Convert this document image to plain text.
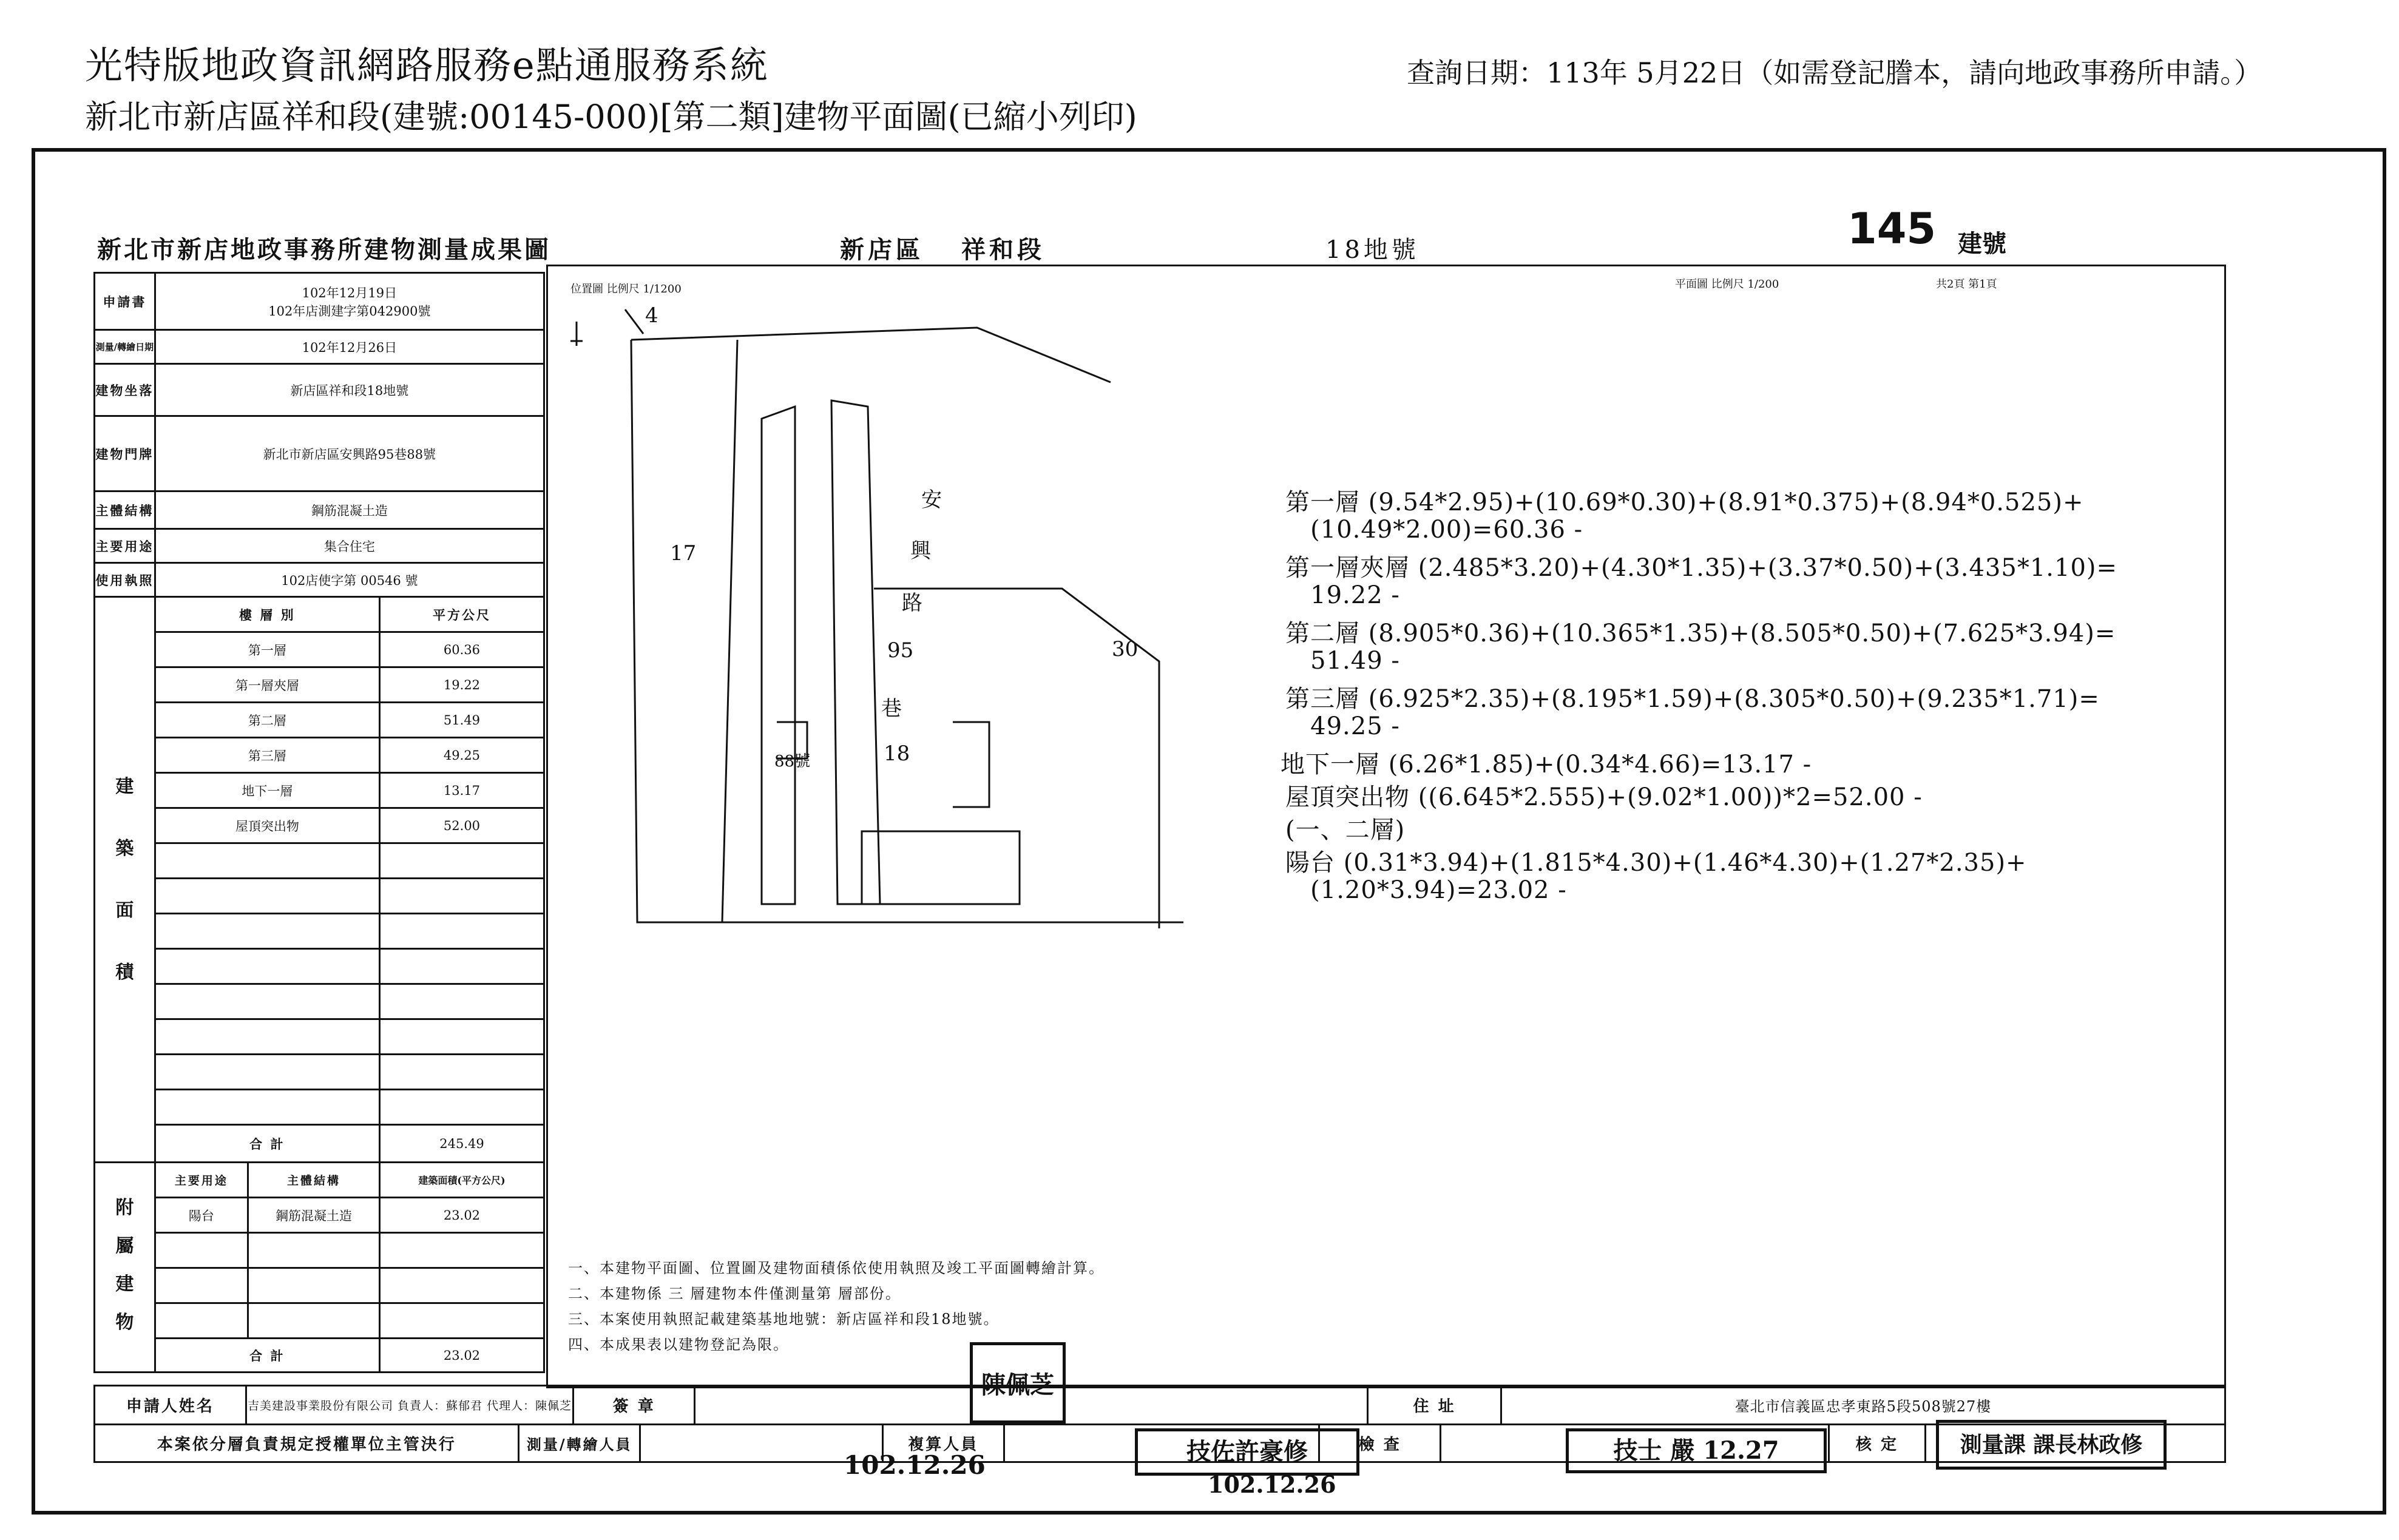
光特版地政資訊網路服務e點通服務系統
新北市新店區祥和段(建號:00145-000)[第二類]建物平面圖(已縮小列印)
查詢日期：113年 5月22日（如需登記謄本，請向地政事務所申請。）
新北市新店地政事務所建物測量成果圖	新店區 祥和段	18地號	145 建號
申請書	102年12月19日
102年店測建字第042900號		

測量/轉繪日期	102年12月26日		
建物坐落	新店區祥和段18地號		
建物門牌	新北市新店區安興路95巷88號		
主體結構	鋼筋混凝土造		
主要用途	集合住宅		
使用執照	102店使字第 00546 號		
建築面積	樓 層 別		平方公尺
	第一層		60.36
	第一層夾層		19.22
	第二層		51.49
	第三層		49.25
	地下一層		13.17
	屋頂突出物		52.00

	合 計		245.49
附屬建物	主要用途	主體結構	建築面積(平方公尺)
	陽台	鋼筋混凝土造	23.02

	合 計		23.02
位置圖 比例尺 1/1200	平面圖 比例尺 1/200	共2頁 第1頁
4
17
30
安
興
路
95
巷
18
88號
第一層 (9.54*2.95)+(10.69*0.30)+(8.91*0.375)+(8.94*0.525)+
(10.49*2.00)=60.36 ‐
第一層夾層 (2.485*3.20)+(4.30*1.35)+(3.37*0.50)+(3.435*1.10)=
19.22 ‐
第二層 (8.905*0.36)+(10.365*1.35)+(8.505*0.50)+(7.625*3.94)=
51.49 ‐
第三層 (6.925*2.35)+(8.195*1.59)+(8.305*0.50)+(9.235*1.71)=
49.25 ‐
地下一層 (6.26*1.85)+(0.34*4.66)=13.17 ‐
屋頂突出物 ((6.645*2.555)+(9.02*1.00))*2=52.00 ‐
(一、二層)
陽台 (0.31*3.94)+(1.815*4.30)+(1.46*4.30)+(1.27*2.35)+
(1.20*3.94)=23.02 ‐
一、本建物平面圖、位置圖及建物面積係依使用執照及竣工平面圖轉繪計算。
二、本建物係 三 層建物本件僅測量第 層部份。
三、本案使用執照記載建築基地地號：新店區祥和段18地號。
四、本成果表以建物登記為限。
陳佩芝
申請人姓名	吉美建設事業股份有限公司 負責人：蘇郁君 代理人：陳佩芝	簽 章		住 址	臺北市信義區忠孝東路5段508號27樓
本案依分層負責規定授權單位主管決行	測量/轉繪人員		複算人員		檢 查		核 定	
102.12.26	技佐許豪修
102.12.26
技士 嚴 12.27	測量課 課長林政修
